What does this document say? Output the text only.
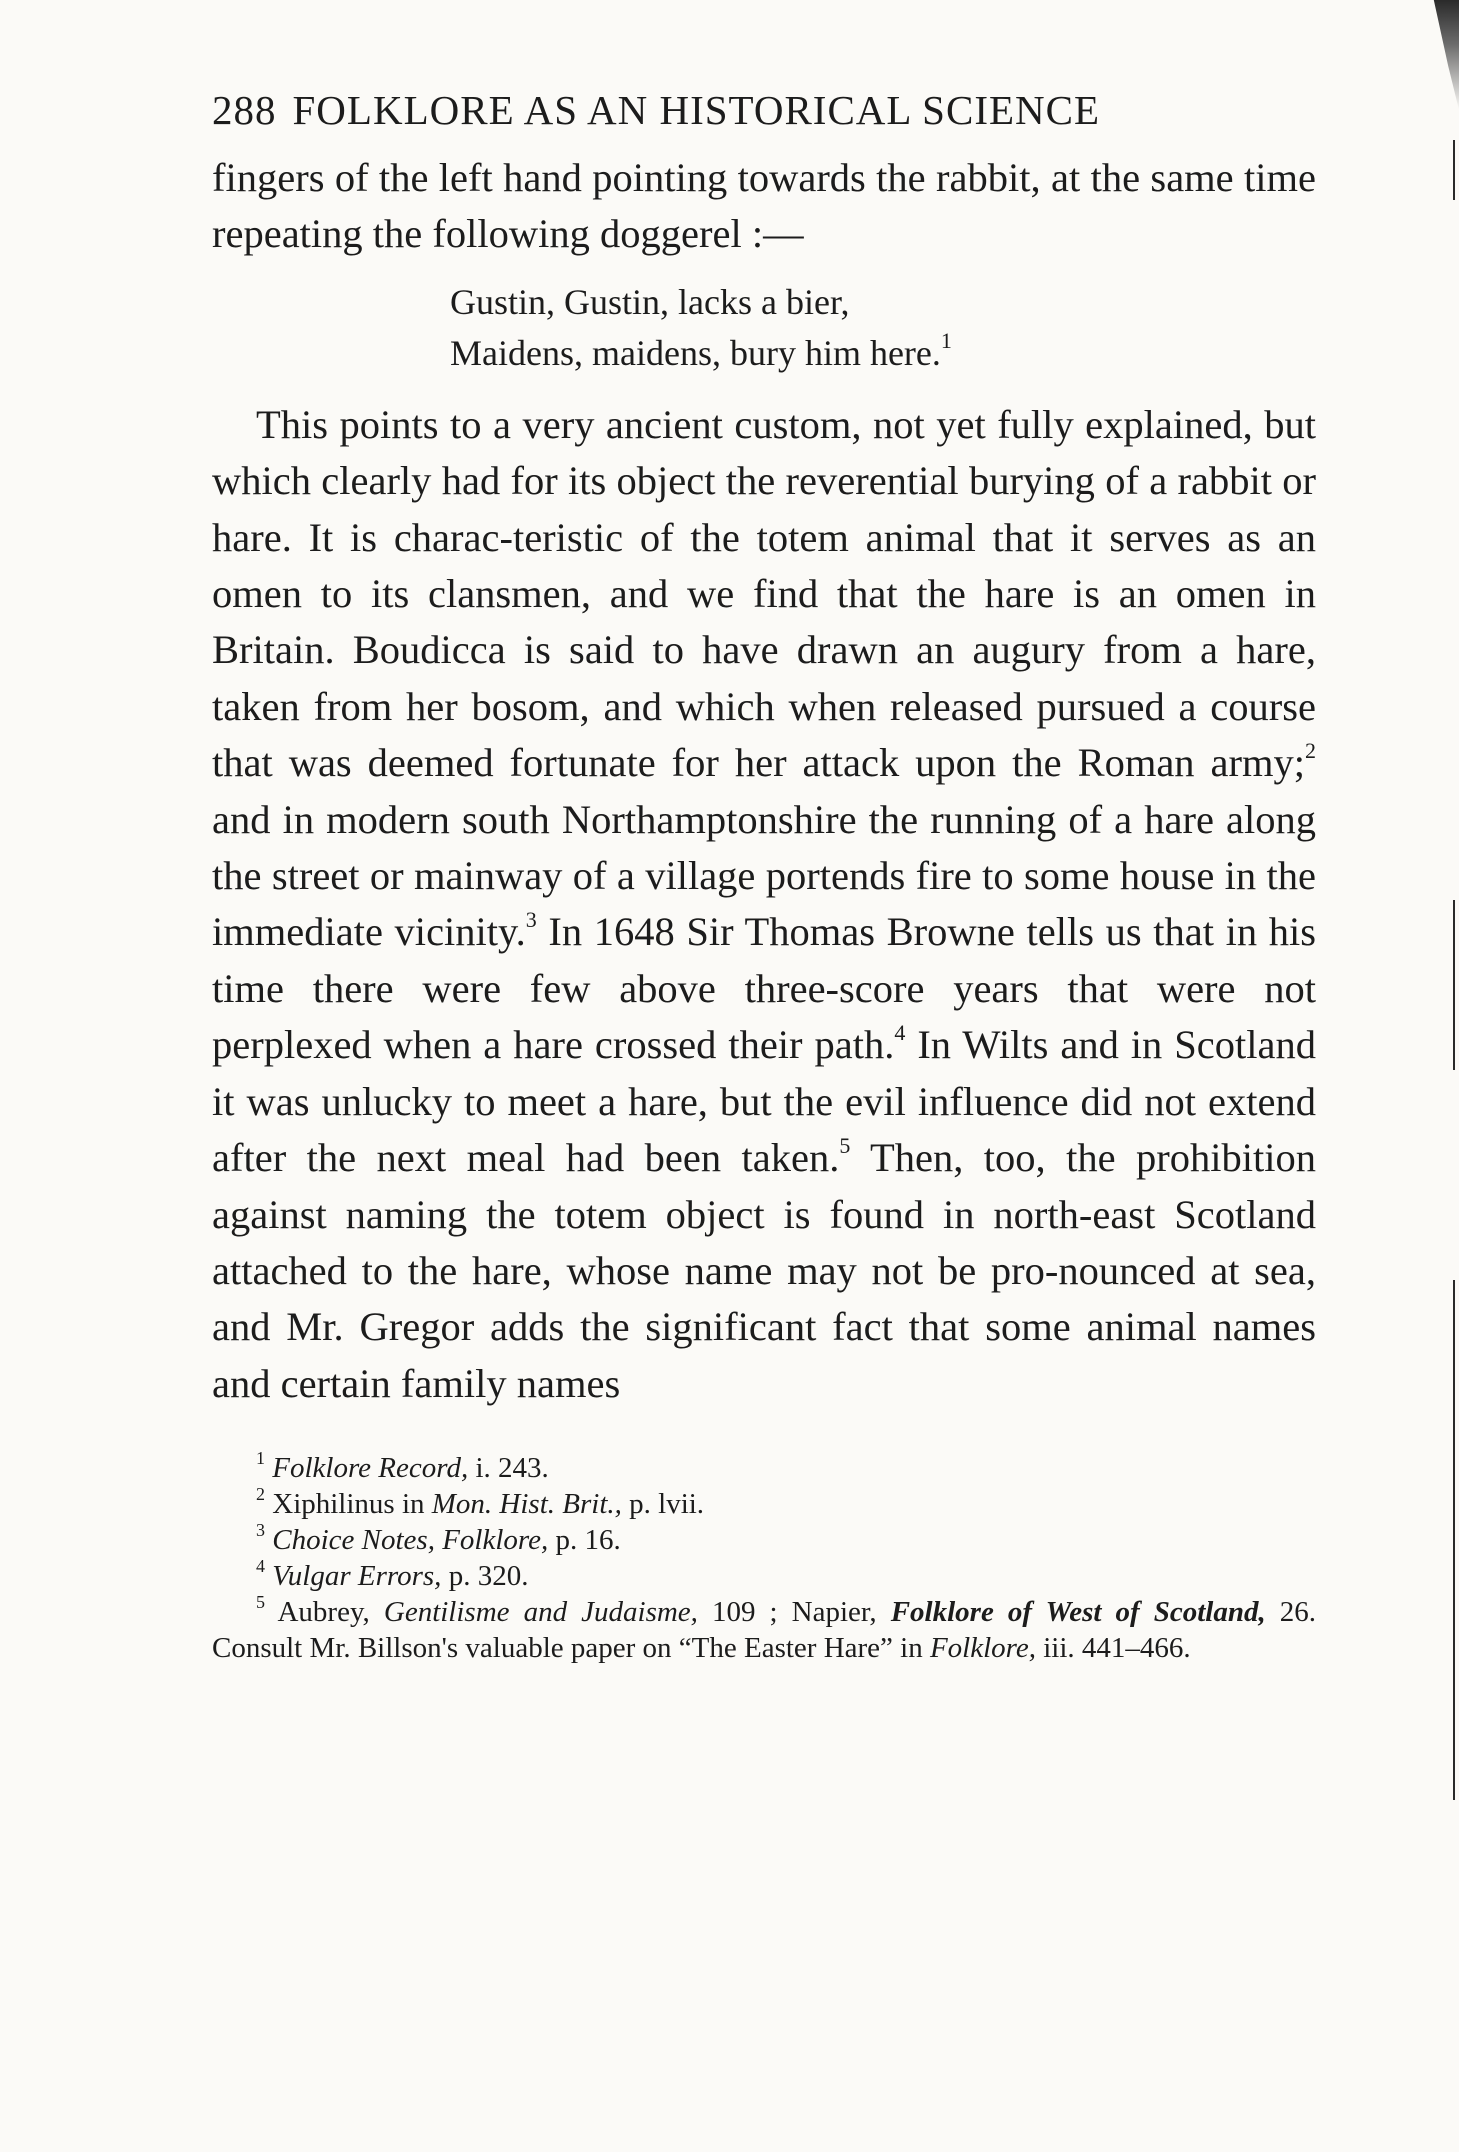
288 FOLKLORE AS AN HISTORICAL SCIENCE

fingers of the left hand pointing towards the rabbit, at the same time repeating the following doggerel :—

Gustin, Gustin, lacks a bier,
Maidens, maidens, bury him here.$^1$

This points to a very ancient custom, not yet fully explained, but which clearly had for its object the reverential burying of a rabbit or hare. It is charac-teristic of the totem animal that it serves as an omen to its clansmen, and we find that the hare is an omen in Britain. Boudicca is said to have drawn an augury from a hare, taken from her bosom, and which when released pursued a course that was deemed fortunate for her attack upon the Roman army;$^2$ and in modern south Northamptonshire the running of a hare along the street or mainway of a village portends fire to some house in the immediate vicinity.$^3$ In 1648 Sir Thomas Browne tells us that in his time there were few above three-score years that were not perplexed when a hare crossed their path.$^4$ In Wilts and in Scotland it was unlucky to meet a hare, but the evil influence did not extend after the next meal had been taken.$^5$ Then, too, the prohibition against naming the totem object is found in north-east Scotland attached to the hare, whose name may not be pro-nounced at sea, and Mr. Gregor adds the significant fact that some animal names and certain family names

$^1$ Folklore Record, i. 243.
$^2$ Xiphilinus in Mon. Hist. Brit., p. lvii.
$^3$ Choice Notes, Folklore, p. 16.
$^4$ Vulgar Errors, p. 320.
$^5$ Aubrey, Gentilisme and Judaisme, 109 ; Napier, Folklore of West of Scotland, 26. Consult Mr. Billson's valuable paper on “The Easter Hare” in Folklore, iii. 441–466.
